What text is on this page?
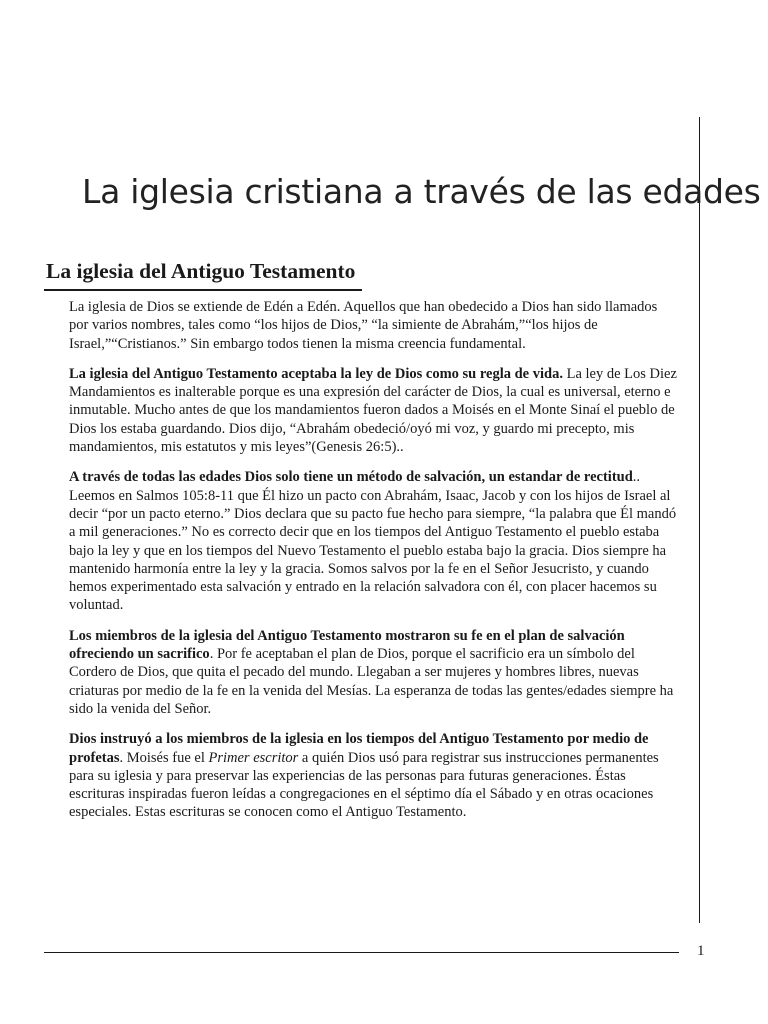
La iglesia cristiana a través de las edades
La iglesia del Antiguo Testamento

La iglesia de Dios se extiende de Edén a Edén. Aquellos que han obedecido a Dios han sido llamados por varios nombres, tales como “los hijos de Dios,” “la simiente de Abrahám,”“los hijos de Israel,”“Cristianos.” Sin embargo todos tienen la misma creencia fundamental.

La iglesia del Antiguo Testamento aceptaba la ley de Dios como su regla de vida. La ley de Los Diez Mandamientos es inalterable porque es una expresión del carácter de Dios, la cual es universal, eterno e inmutable. Mucho antes de que los mandamientos fueron dados a Moisés en el Monte Sinaí el pueblo de Dios los estaba guardando. Dios dijo, “Abrahám obedeció/oyó mi voz, y guardo mi precepto, mis mandamientos, mis estatutos y mis leyes”(Genesis 26:5)..

A través de todas las edades Dios solo tiene un método de salvación, un estandar de rectitud.. Leemos en Salmos 105:8-11 que Él hizo un pacto con Abrahám, Isaac, Jacob y con los hijos de Israel al decir “por un pacto eterno.” Dios declara que su pacto fue hecho para siempre, “la palabra que Él mandó a mil generaciones.” No es correcto decir que en los tiempos del Antiguo Testamento el pueblo estaba bajo la ley y que en los tiempos del Nuevo Testamento el pueblo estaba bajo la gracia. Dios siempre ha mantenido harmonía entre la ley y la gracia. Somos salvos por la fe en el Señor Jesucristo, y cuando hemos experimentado esta salvación y entrado en la relación salvadora con él, con placer hacemos su voluntad.

Los miembros de la iglesia del Antiguo Testamento mostraron su fe en el plan de salvación ofreciendo un sacrifico. Por fe aceptaban el plan de Dios, porque el sacrificio era un símbolo del Cordero de Dios, que quita el pecado del mundo. Llegaban a ser mujeres y hombres libres, nuevas criaturas por medio de la fe en la venida del Mesías. La esperanza de todas las gentes/edades siempre ha sido la venida del Señor.

Dios instruyó a los miembros de la iglesia en los tiempos del Antiguo Testamento por medio de profetas. Moisés fue el Primer escritor a quién Dios usó para registrar sus instrucciones permanentes para su iglesia y para preservar las experiencias de las personas para futuras generaciones. Éstas escrituras inspiradas fueron leídas a congregaciones en el séptimo día el Sábado y en otras ocaciones especiales. Estas escrituras se conocen como el Antiguo Testamento.

1
